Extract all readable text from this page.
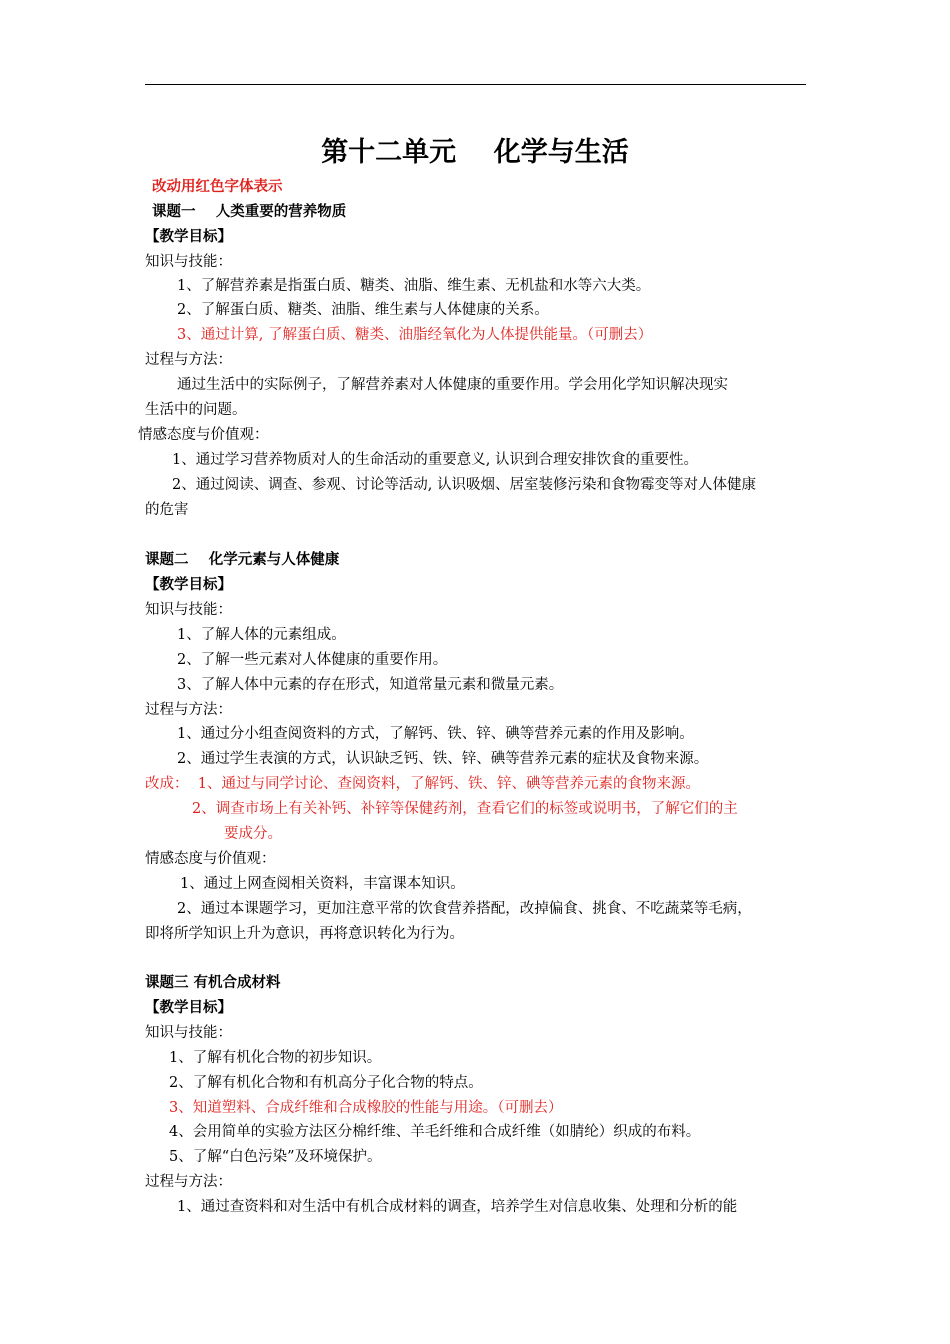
第十二单元    化学与生活
改动用红色字体表示
课题一    人类重要的营养物质
【教学目标】
知识与技能：
1、了解营养素是指蛋白质、糖类、油脂、维生素、无机盐和水等六大类。
2、了解蛋白质、糖类、油脂、维生素与人体健康的关系。
3、通过计算, 了解蛋白质、糖类、油脂经氧化为人体提供能量。（可删去）
过程与方法：
通过生活中的实际例子，了解营养素对人体健康的重要作用。学会用化学知识解决现实
生活中的问题。
情感态度与价值观：
1、通过学习营养物质对人的生命活动的重要意义, 认识到合理安排饮食的重要性。
2、通过阅读、调查、参观、讨论等活动, 认识吸烟、居室装修污染和食物霉变等对人体健康
的危害
课题二    化学元素与人体健康
【教学目标】
知识与技能：
1、了解人体的元素组成。
2、了解一些元素对人体健康的重要作用。
3、了解人体中元素的存在形式，知道常量元素和微量元素。
过程与方法：
1、通过分小组查阅资料的方式，了解钙、铁、锌、碘等营养元素的作用及影响。
2、通过学生表演的方式，认识缺乏钙、铁、锌、碘等营养元素的症状及食物来源。
改成：  1、通过与同学讨论、查阅资料，了解钙、铁、锌、碘等营养元素的食物来源。
2、调查市场上有关补钙、补锌等保健药剂，查看它们的标签或说明书，了解它们的主
要成分。
情感态度与价值观：
1、通过上网查阅相关资料，丰富课本知识。
2、通过本课题学习，更加注意平常的饮食营养搭配，改掉偏食、挑食、不吃蔬菜等毛病，
即将所学知识上升为意识，再将意识转化为行为。
课题三 有机合成材料
【教学目标】
知识与技能：
1、了解有机化合物的初步知识。
2、了解有机化合物和有机高分子化合物的特点。
3、知道塑料、合成纤维和合成橡胶的性能与用途。（可删去）
4、会用简单的实验方法区分棉纤维、羊毛纤维和合成纤维（如腈纶）织成的布料。
5、了解“白色污染”及环境保护。
过程与方法：
1、通过查资料和对生活中有机合成材料的调查，培养学生对信息收集、处理和分析的能
